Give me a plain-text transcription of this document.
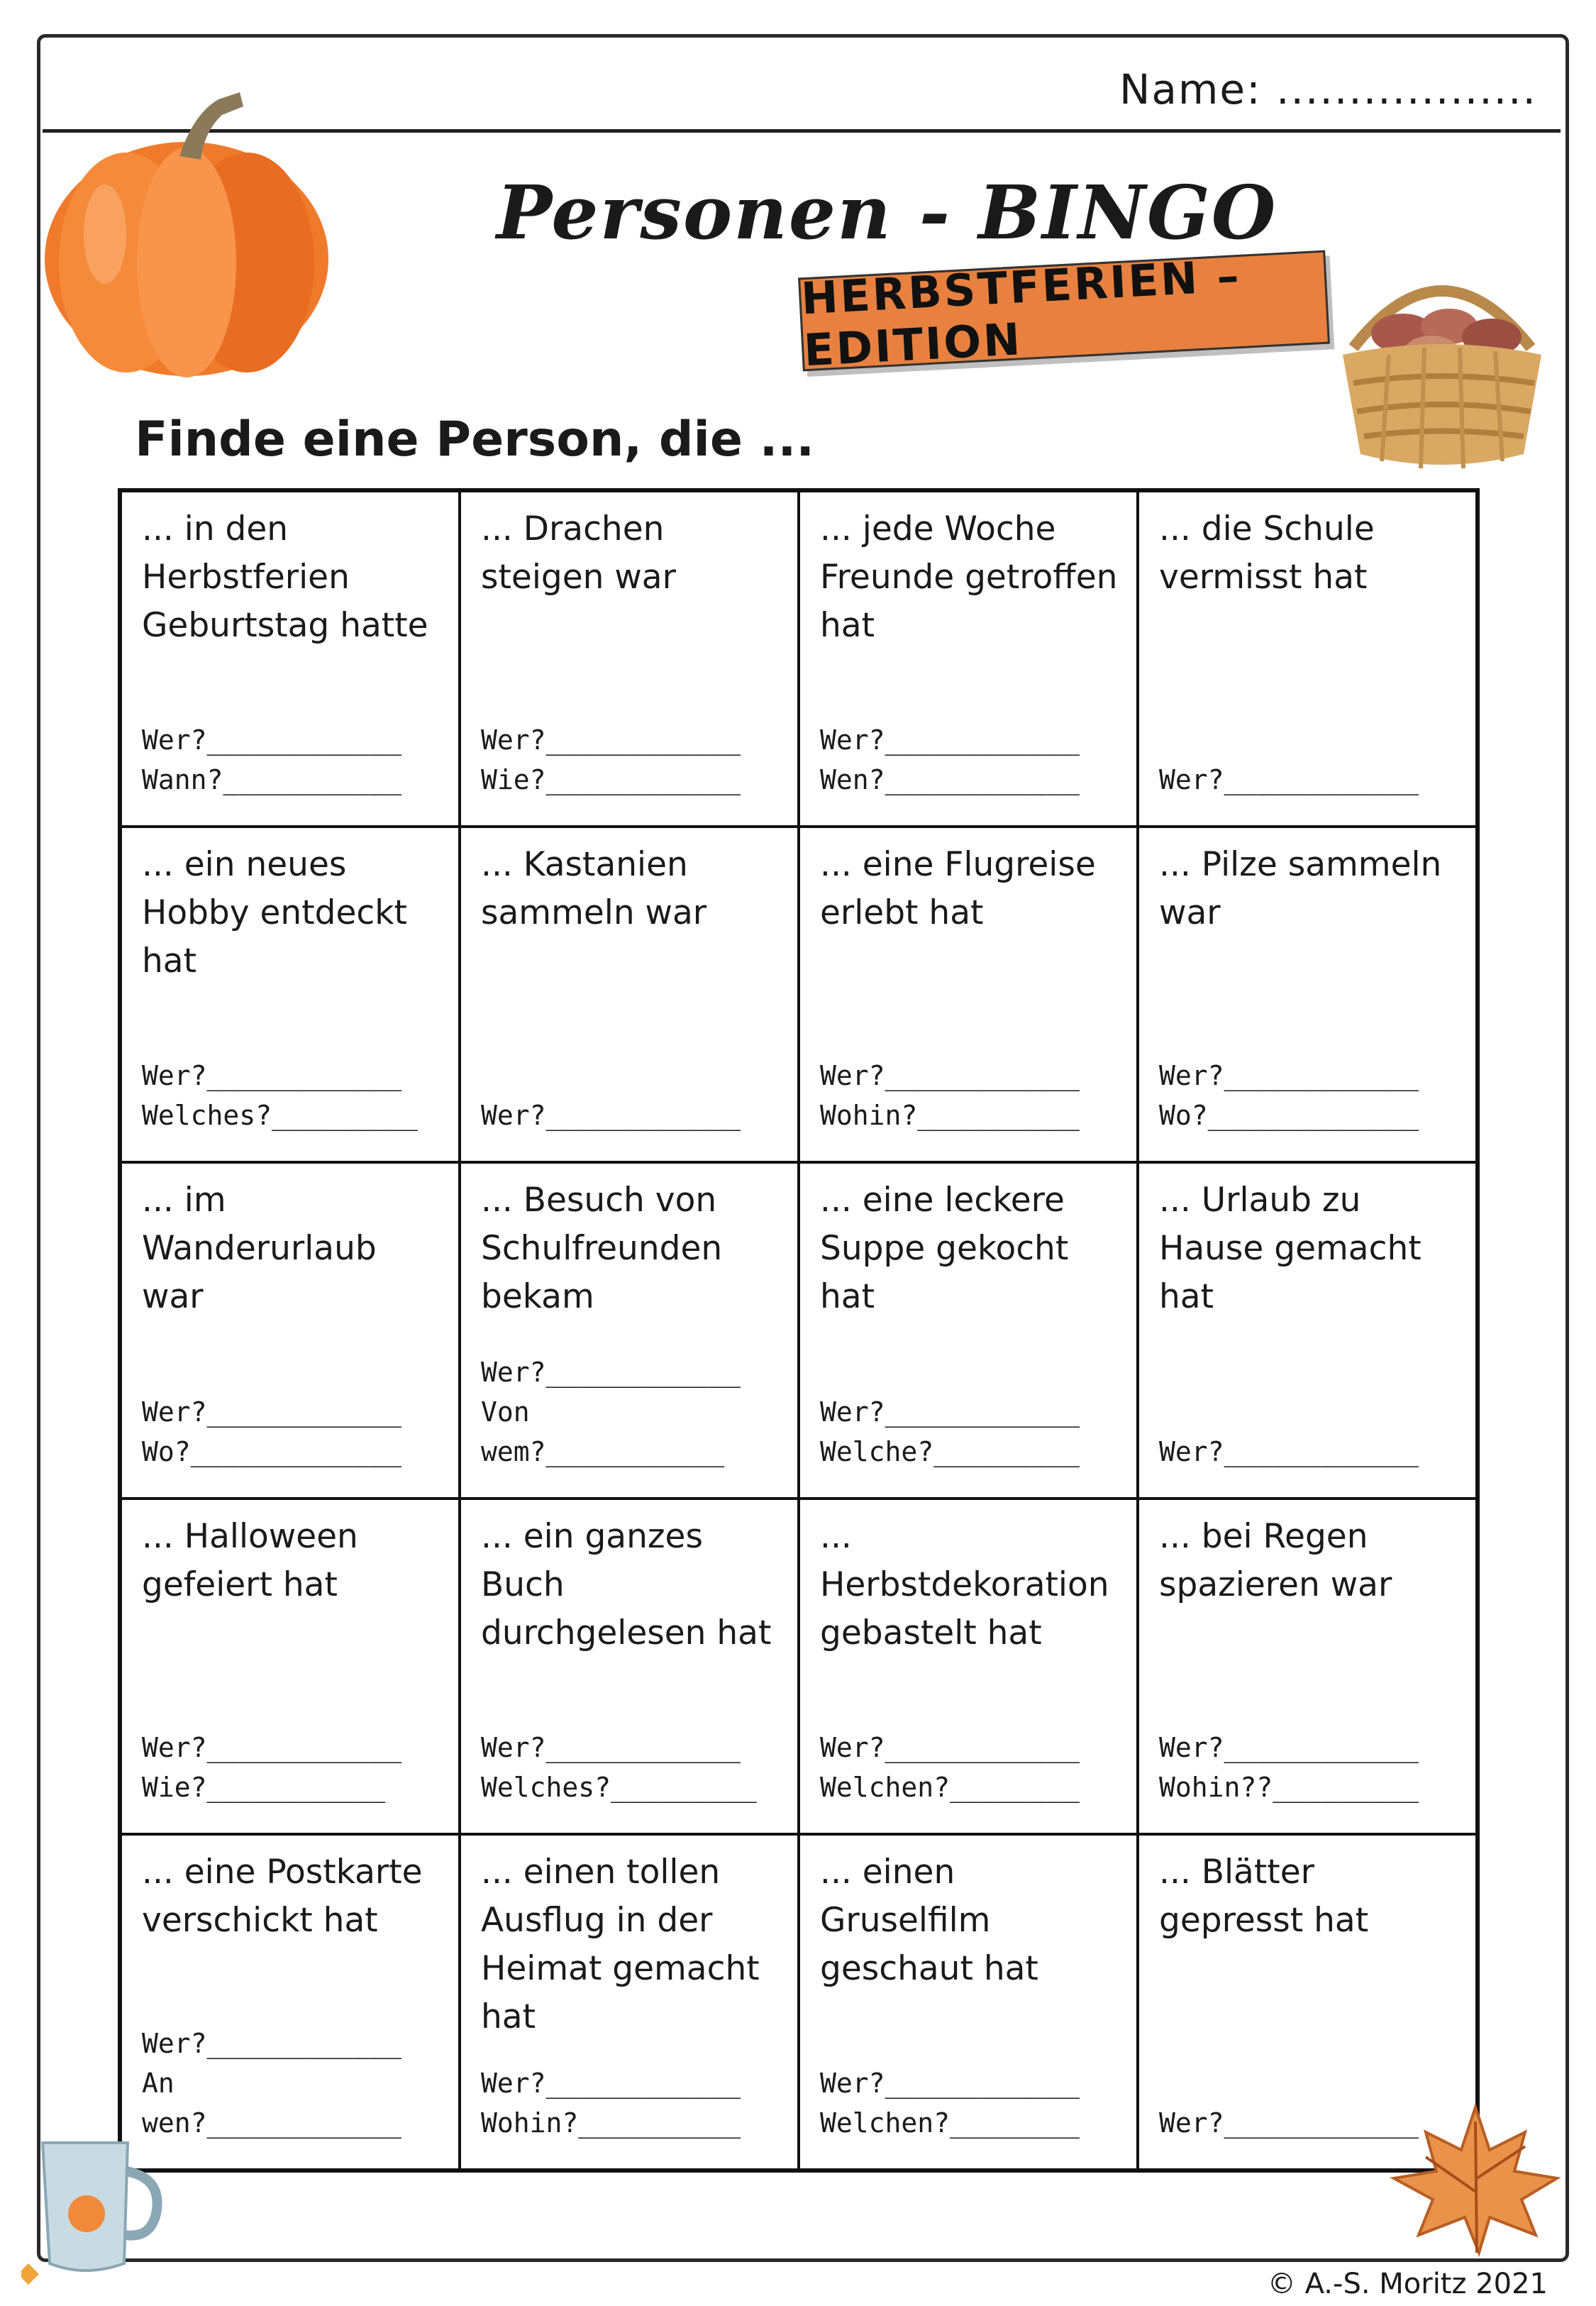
Name: ..................
Personen - BINGO
HERBSTFERIEN – EDITION
Finde eine Person, die ...
... in den Herbstferien Geburtstag hatte
Wer?____________
Wann?___________
... Drachen steigen war
Wer?____________
Wie?____________
... jede Woche Freunde getroffen hat
Wer?____________
Wen?____________
... die Schule vermisst hat
Wer?____________
... ein neues Hobby entdeckt hat
Wer?____________
Welches?_________
... Kastanien sammeln war
Wer?____________
... eine Flugreise erlebt hat
Wer?____________
Wohin?__________
... Pilze sammeln war
Wer?____________
Wo?_____________
... im Wanderurlaub war
Wer?____________
Wo?_____________
... Besuch von Schulfreunden bekam
Wer?____________
Von
wem?___________
... eine leckere Suppe gekocht hat
Wer?____________
Welche?_________
... Urlaub zu Hause gemacht hat
Wer?____________
... Halloween gefeiert hat
Wer?____________
Wie?___________
... ein ganzes Buch durchgelesen hat
Wer?____________
Welches?_________
... Herbstdekoration gebastelt hat
Wer?____________
Welchen?________
... bei Regen spazieren war
Wer?____________
Wohin??_________
... eine Postkarte verschickt hat
Wer?____________
An
wen?____________
... einen tollen Ausflug in der Heimat gemacht hat
Wer?____________
Wohin?__________
... einen Gruselfilm geschaut hat
Wer?____________
Welchen?________
... Blätter gepresst hat
Wer?____________
© A.-S. Moritz 2021
